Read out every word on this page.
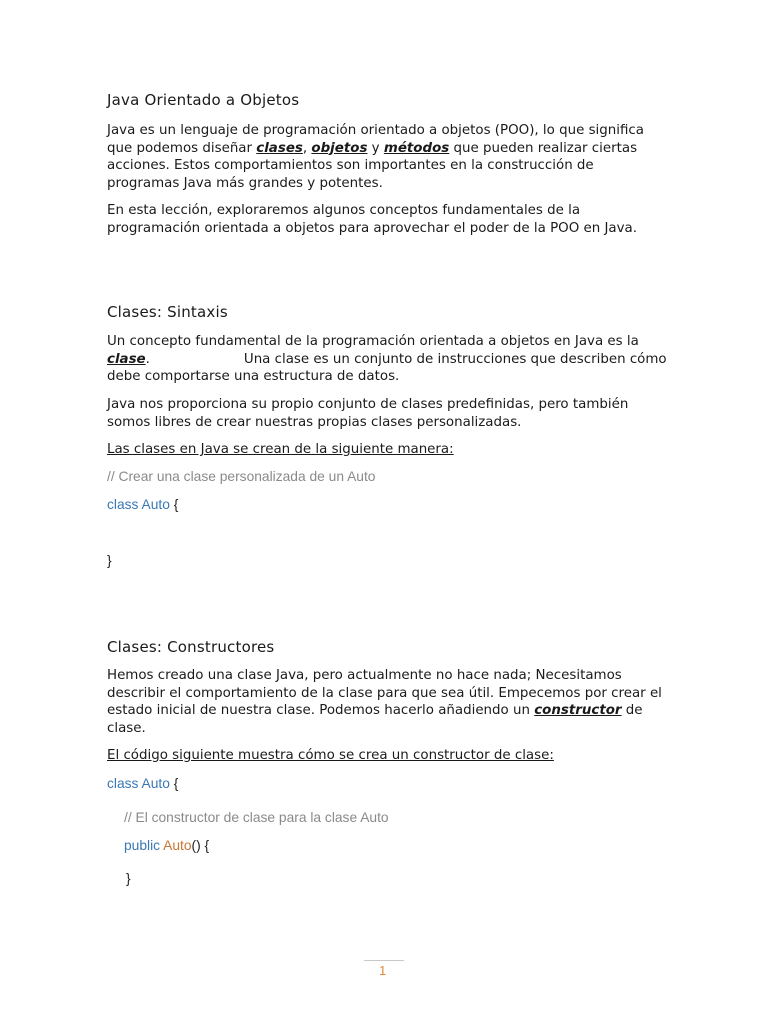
Java Orientado a Objetos

Java es un lenguaje de programación orientado a objetos (POO), lo que significa que podemos diseñar clases, objetos y métodos que pueden realizar ciertas acciones. Estos comportamientos son importantes en la construcción de programas Java más grandes y potentes.

En esta lección, exploraremos algunos conceptos fundamentales de la programación orientada a objetos para aprovechar el poder de la POO en Java.

Clases: Sintaxis

Un concepto fundamental de la programación orientada a objetos en Java es la clase.	Una clase es un conjunto de instrucciones que describen cómo debe comportarse una estructura de datos.

Java nos proporciona su propio conjunto de clases predefinidas, pero también somos libres de crear nuestras propias clases personalizadas.

Las clases en Java se crean de la siguiente manera:

// Crear una clase personalizada de un Auto
class Auto {
}
Clases: Constructores

Hemos creado una clase Java, pero actualmente no hace nada; Necesitamos describir el comportamiento de la clase para que sea útil. Empecemos por crear el estado inicial de nuestra clase. Podemos hacerlo añadiendo un constructor de clase.

El código siguiente muestra cómo se crea un constructor de clase:

class Auto {
// El constructor de clase para la clase Auto
public Auto() {
}
1
